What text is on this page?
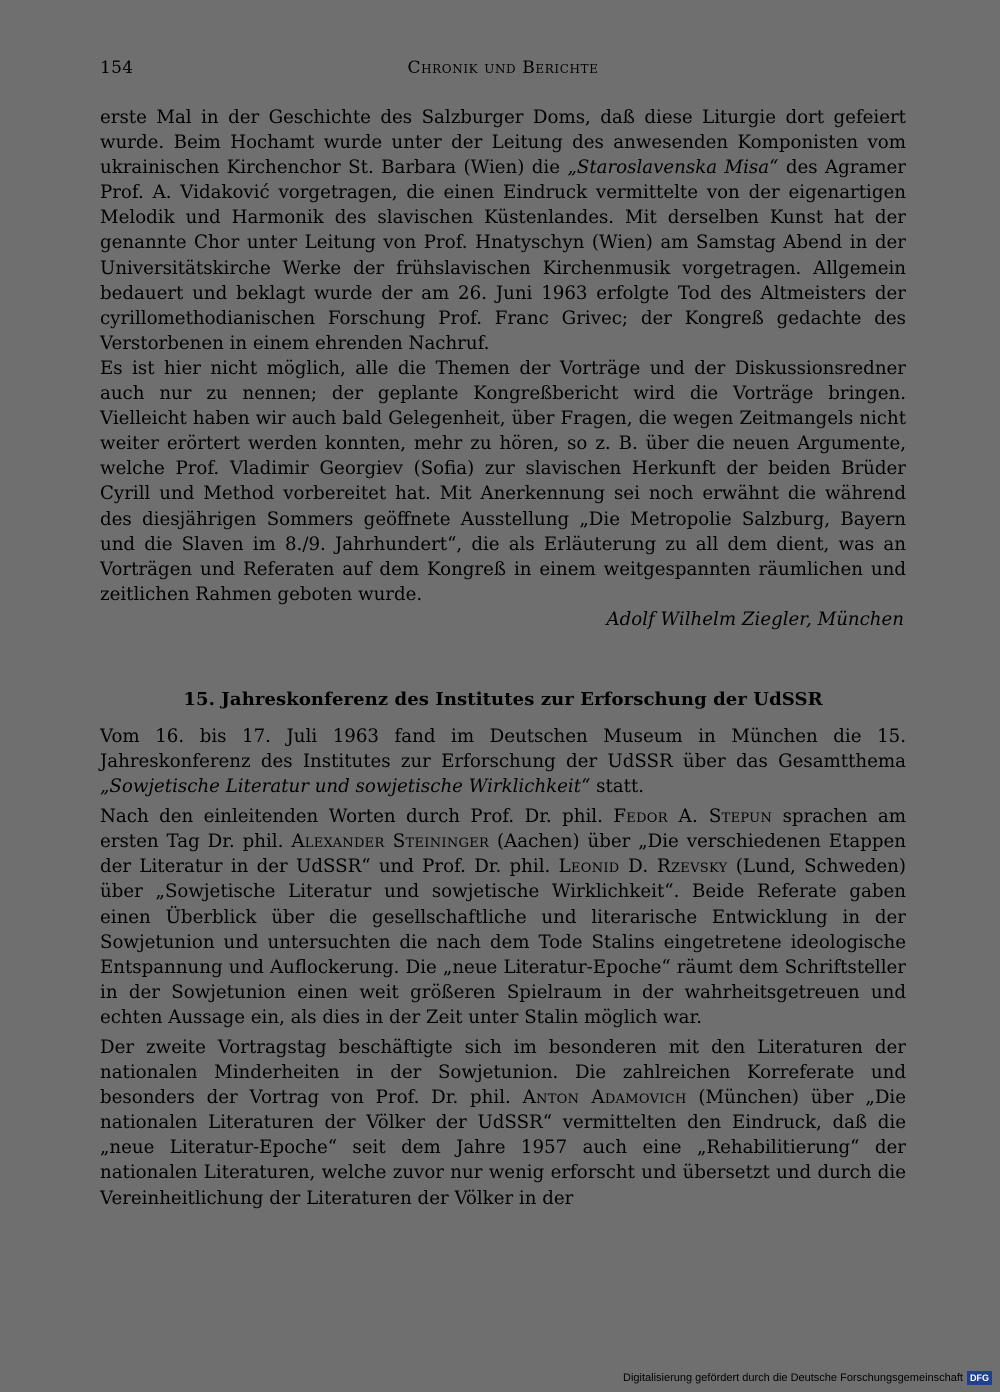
154	Chronik und Berichte

erste Mal in der Geschichte des Salzburger Doms, daß diese Liturgie dort gefeiert wurde. Beim Hochamt wurde unter der Leitung des anwesenden Komponisten vom ukrainischen Kirchenchor St. Barbara (Wien) die „Staroslavenska Misa“ des Agramer Prof. A. Vidaković vorgetragen, die einen Eindruck vermittelte von der eigenartigen Melodik und Harmonik des slavischen Küstenlandes. Mit derselben Kunst hat der genannte Chor unter Leitung von Prof. Hnatyschyn (Wien) am Samstag Abend in der Universitätskirche Werke der frühslavischen Kirchenmusik vorgetragen. Allgemein bedauert und beklagt wurde der am 26. Juni 1963 erfolgte Tod des Altmeisters der cyrillomethodianischen Forschung Prof. Franc Grivec; der Kongreß gedachte des Verstorbenen in einem ehrenden Nachruf.

Es ist hier nicht möglich, alle die Themen der Vorträge und der Diskussionsredner auch nur zu nennen; der geplante Kongreßbericht wird die Vorträge bringen. Vielleicht haben wir auch bald Gelegenheit, über Fragen, die wegen Zeitmangels nicht weiter erörtert werden konnten, mehr zu hören, so z. B. über die neuen Argumente, welche Prof. Vladimir Georgiev (Sofia) zur slavischen Herkunft der beiden Brüder Cyrill und Method vorbereitet hat. Mit Anerkennung sei noch erwähnt die während des diesjährigen Sommers geöffnete Ausstellung „Die Metropolie Salzburg, Bayern und die Slaven im 8./9. Jahrhundert“, die als Erläuterung zu all dem dient, was an Vorträgen und Referaten auf dem Kongreß in einem weitgespannten räumlichen und zeitlichen Rahmen geboten wurde.

Adolf Wilhelm Ziegler, München

15. Jahreskonferenz des Institutes zur Erforschung der UdSSR

Vom 16. bis 17. Juli 1963 fand im Deutschen Museum in München die 15. Jahreskonferenz des Institutes zur Erforschung der UdSSR über das Gesamtthema „Sowjetische Literatur und sowjetische Wirklichkeit“ statt.

Nach den einleitenden Worten durch Prof. Dr. phil. Fedor A. Stepun sprachen am ersten Tag Dr. phil. Alexander Steininger (Aachen) über „Die verschiedenen Etappen der Literatur in der UdSSR“ und Prof. Dr. phil. Leonid D. Rzevsky (Lund, Schweden) über „Sowjetische Literatur und sowjetische Wirklichkeit“. Beide Referate gaben einen Überblick über die gesellschaftliche und literarische Entwicklung in der Sowjetunion und untersuchten die nach dem Tode Stalins eingetretene ideologische Entspannung und Auflockerung. Die „neue Literatur-Epoche“ räumt dem Schriftsteller in der Sowjetunion einen weit größeren Spielraum in der wahrheitsgetreuen und echten Aussage ein, als dies in der Zeit unter Stalin möglich war.

Der zweite Vortragstag beschäftigte sich im besonderen mit den Literaturen der nationalen Minderheiten in der Sowjetunion. Die zahlreichen Korreferate und besonders der Vortrag von Prof. Dr. phil. Anton Adamovich (München) über „Die nationalen Literaturen der Völker der UdSSR“ vermittelten den Eindruck, daß die „neue Literatur-Epoche“ seit dem Jahre 1957 auch eine „Rehabilitierung“ der nationalen Literaturen, welche zuvor nur wenig erforscht und übersetzt und durch die Vereinheitlichung der Literaturen der Völker in der

Digitalisierung gefördert durch die Deutsche Forschungsgemeinschaft DFG
